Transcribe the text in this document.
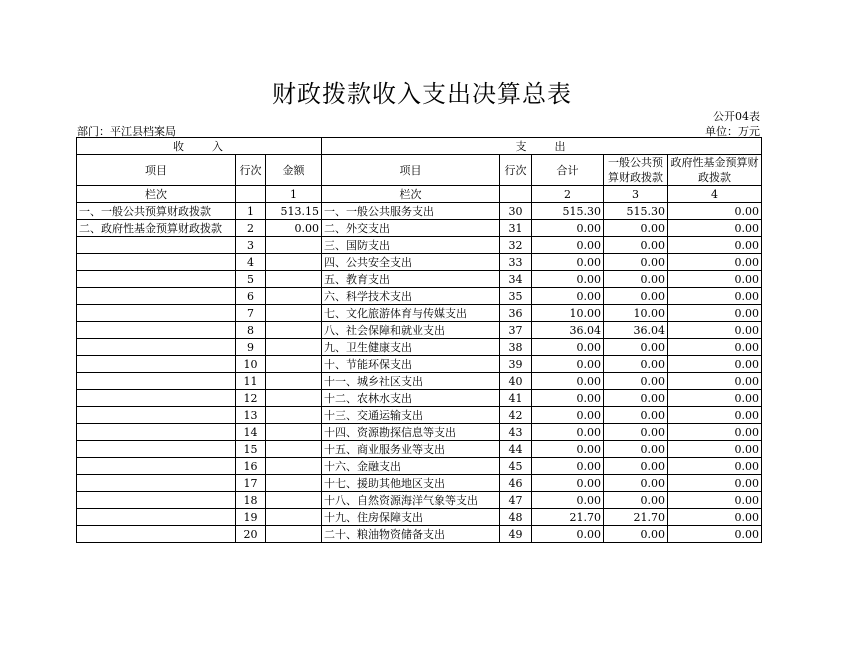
财政拨款收入支出决算总表
公开04表
部门：平江县档案局	单位：万元
收　　入			支　　出				
项目	行次	金额	项目	行次	合计	一般公共预算财政拨款	政府性基金预算财政拨款
栏次		1	栏次		2	3	4
一、一般公共预算财政拨款	1	513.15	一、一般公共服务支出	30	515.30	515.30	0.00
二、政府性基金预算财政拨款	2	0.00	二、外交支出	31	0.00	0.00	0.00
	3		三、国防支出	32	0.00	0.00	0.00
	4		四、公共安全支出	33	0.00	0.00	0.00
	5		五、教育支出	34	0.00	0.00	0.00
	6		六、科学技术支出	35	0.00	0.00	0.00
	7		七、文化旅游体育与传媒支出	36	10.00	10.00	0.00
	8		八、社会保障和就业支出	37	36.04	36.04	0.00
	9		九、卫生健康支出	38	0.00	0.00	0.00
	10		十、节能环保支出	39	0.00	0.00	0.00
	11		十一、城乡社区支出	40	0.00	0.00	0.00
	12		十二、农林水支出	41	0.00	0.00	0.00
	13		十三、交通运输支出	42	0.00	0.00	0.00
	14		十四、资源勘探信息等支出	43	0.00	0.00	0.00
	15		十五、商业服务业等支出	44	0.00	0.00	0.00
	16		十六、金融支出	45	0.00	0.00	0.00
	17		十七、援助其他地区支出	46	0.00	0.00	0.00
	18		十八、自然资源海洋气象等支出	47	0.00	0.00	0.00
	19		十九、住房保障支出	48	21.70	21.70	0.00
	20		二十、粮油物资储备支出	49	0.00	0.00	0.00
